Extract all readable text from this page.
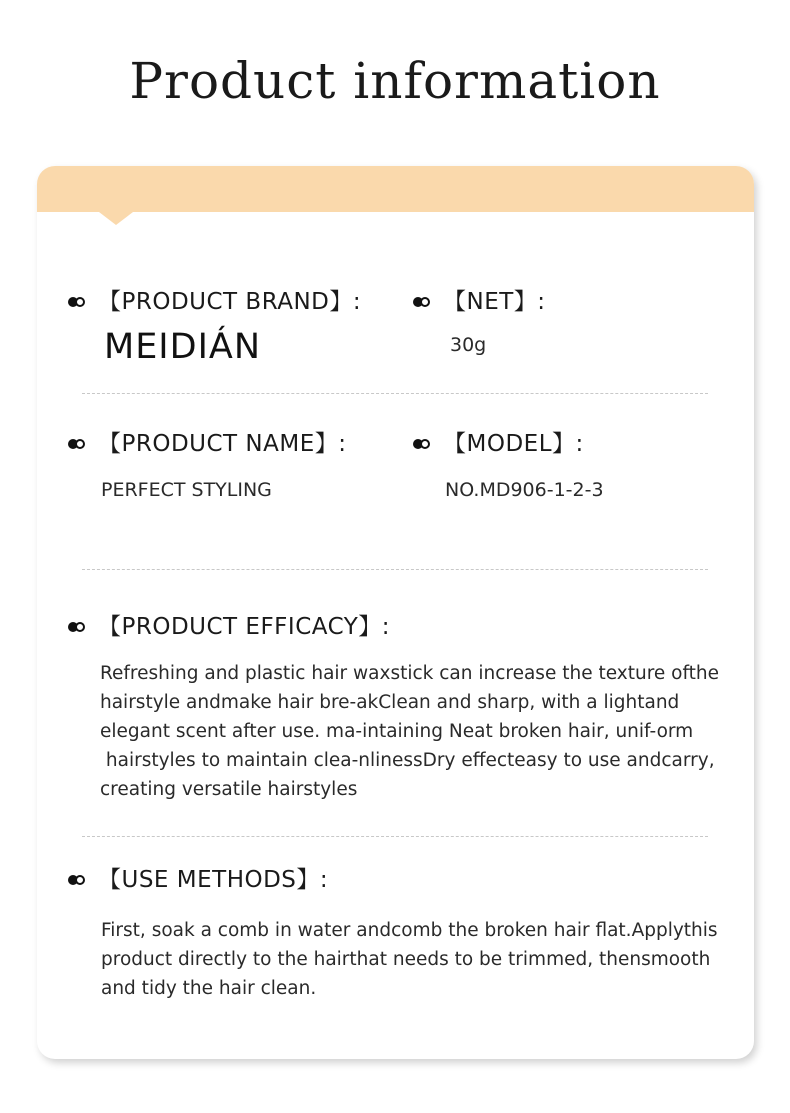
Product information
【PRODUCT BRAND】:
MEIDIÁN
【NET】:
30g
【PRODUCT NAME】:
PERFECT STYLING
【MODEL】:
NO.MD906-1-2-3
【PRODUCT EFFICACY】:
Refreshing and plastic hair waxstick can increase the texture ofthe
hairstyle andmake hair bre-akClean and sharp, with a lightand
elegant scent after use. ma-intaining Neat broken hair, unif-orm
hairstyles to maintain clea-nlinessDry effecteasy to use andcarry,
creating versatile hairstyles
【USE METHODS】:
First, soak a comb in water andcomb the broken hair flat.Applythis
product directly to the hairthat needs to be trimmed, thensmooth
and tidy the hair clean.
